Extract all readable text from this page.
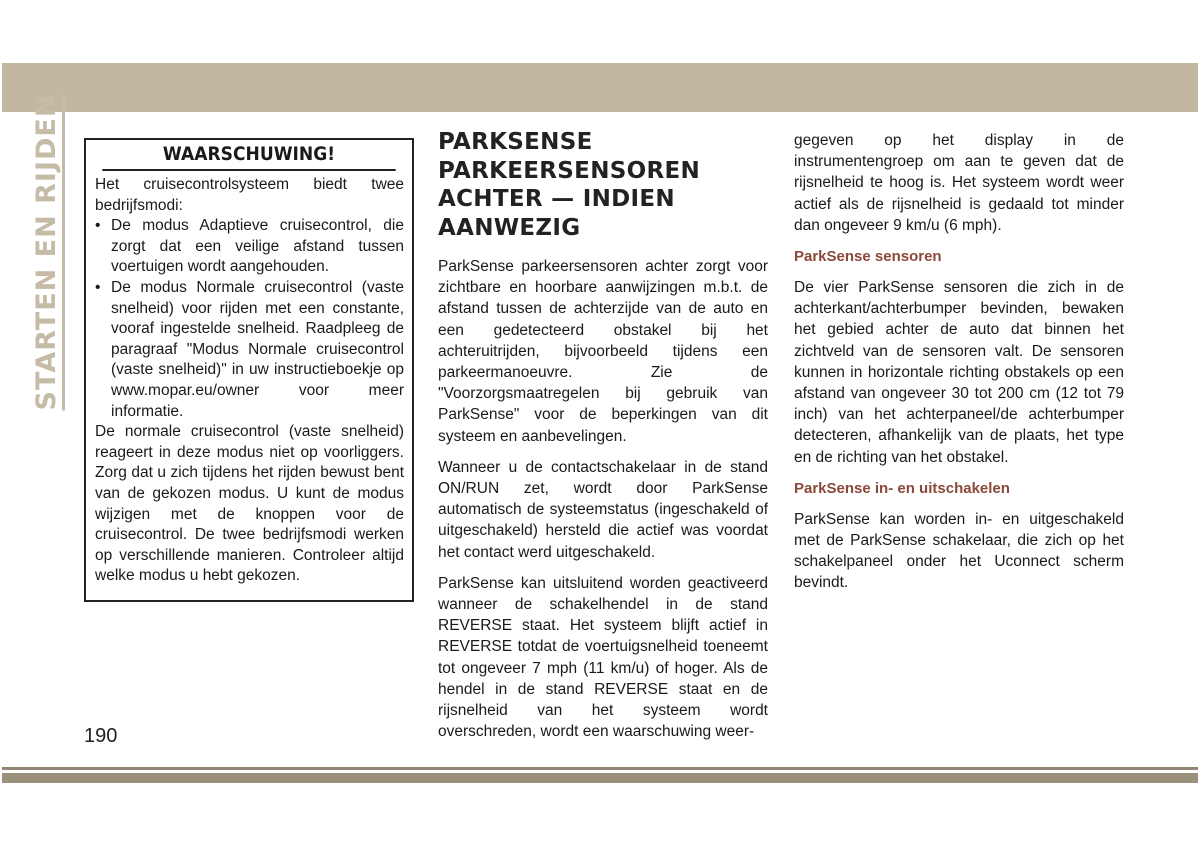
STARTEN EN RIJDEN	WAARSCHUWING!

Het cruisecontrolsysteem biedt twee bedrijfsmodi:

• De modus Adaptieve cruisecontrol, die zorgt dat een veilige afstand tussen voertuigen wordt aangehouden.
• De modus Normale cruisecontrol (vaste snelheid) voor rijden met een constante, vooraf ingestelde snelheid. Raadpleeg de paragraaf "Modus Normale cruisecontrol (vaste snelheid)" in uw instructieboekje op www.mopar.eu/owner voor meer informatie.

De normale cruisecontrol (vaste snelheid) reageert in deze modus niet op voorliggers. Zorg dat u zich tijdens het rijden bewust bent van de gekozen modus. U kunt de modus wijzigen met de knoppen voor de cruisecontrol. De twee bedrijfsmodi werken op verschillende manieren. Controleer altijd welke modus u hebt gekozen.

PARKSENSE PARKEERSENSOREN ACHTER — INDIEN AANWEZIG

ParkSense parkeersensoren achter zorgt voor zichtbare en hoorbare aanwijzingen m.b.t. de afstand tussen de achterzijde van de auto en een gedetecteerd obstakel bij het achteruitrijden, bijvoorbeeld tijdens een parkeermanoeuvre. Zie de "Voorzorgsmaatregelen bij gebruik van ParkSense" voor de beperkingen van dit systeem en aanbevelingen.

Wanneer u de contactschakelaar in de stand ON/RUN zet, wordt door ParkSense automatisch de systeemstatus (ingeschakeld of uitgeschakeld) hersteld die actief was voordat het contact werd uitgeschakeld.

ParkSense kan uitsluitend worden geactiveerd wanneer de schakelhendel in de stand REVERSE staat. Het systeem blijft actief in REVERSE totdat de voertuigsnelheid toeneemt tot ongeveer 7 mph (11 km/u) of hoger. Als de hendel in de stand REVERSE staat en de rijsnelheid van het systeem wordt overschreden, wordt een waarschuwing weer-

gegeven op het display in de instrumentengroep om aan te geven dat de rijsnelheid te hoog is. Het systeem wordt weer actief als de rijsnelheid is gedaald tot minder dan ongeveer 9 km/u (6 mph).

ParkSense sensoren

De vier ParkSense sensoren die zich in de achterkant/achterbumper bevinden, bewaken het gebied achter de auto dat binnen het zichtveld van de sensoren valt. De sensoren kunnen in horizontale richting obstakels op een afstand van ongeveer 30 tot 200 cm (12 tot 79 inch) van het achterpaneel/de achterbumper detecteren, afhankelijk van de plaats, het type en de richting van het obstakel.

ParkSense in- en uitschakelen

ParkSense kan worden in- en uitgeschakeld met de ParkSense schakelaar, die zich op het schakelpaneel onder het Uconnect scherm bevindt.

190
